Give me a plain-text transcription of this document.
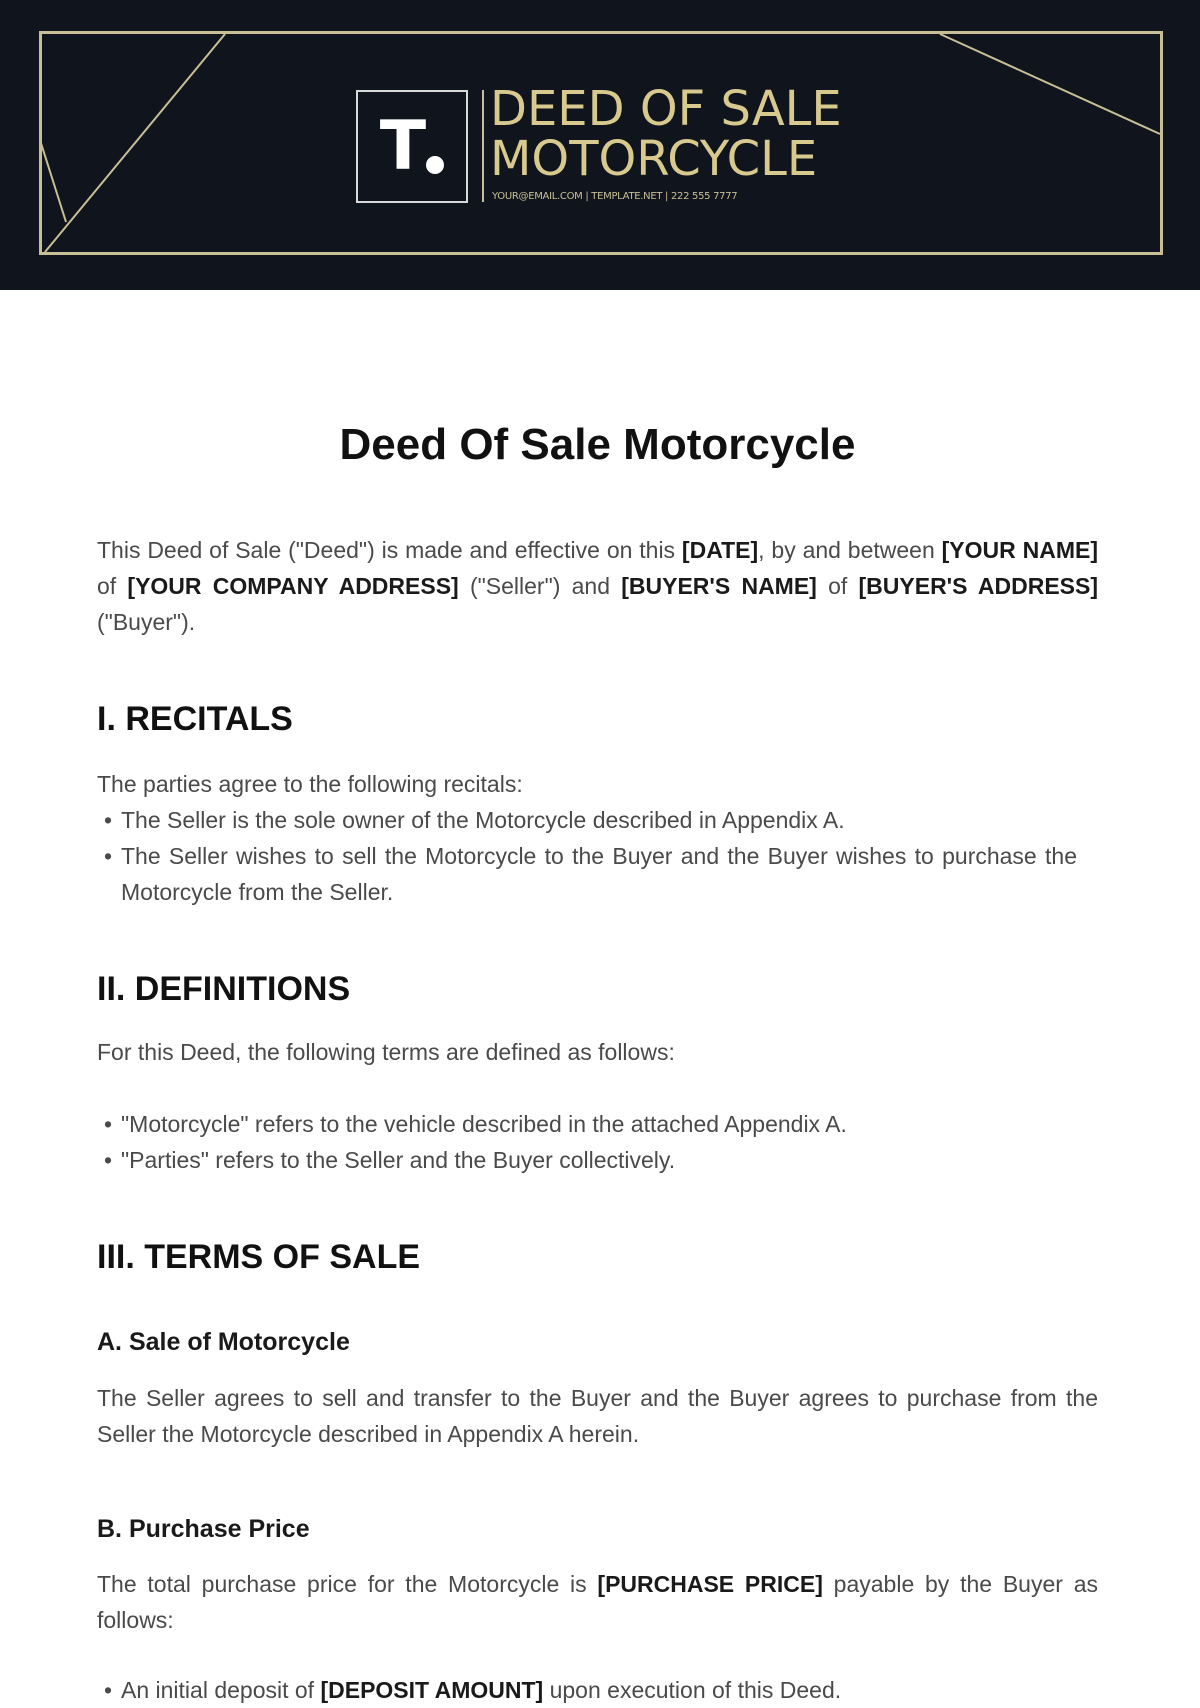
T DEED OF SALE
MOTORCYCLE
YOUR@EMAIL.COM | TEMPLATE.NET | 222 555 7777
Deed Of Sale Motorcycle

This Deed of Sale ("Deed") is made and effective on this [DATE], by and between [YOUR NAME] of [YOUR COMPANY ADDRESS] ("Seller") and [BUYER'S NAME] of [BUYER'S ADDRESS] ("Buyer").

I. RECITALS

The parties agree to the following recitals:

• The Seller is the sole owner of the Motorcycle described in Appendix A.
• The Seller wishes to sell the Motorcycle to the Buyer and the Buyer wishes to purchase the Motorcycle from the Seller.
II. DEFINITIONS

For this Deed, the following terms are defined as follows:

• "Motorcycle" refers to the vehicle described in the attached Appendix A.
• "Parties" refers to the Seller and the Buyer collectively.
III. TERMS OF SALE
A. Sale of Motorcycle

The Seller agrees to sell and transfer to the Buyer and the Buyer agrees to purchase from the Seller the Motorcycle described in Appendix A herein.

B. Purchase Price

The total purchase price for the Motorcycle is [PURCHASE PRICE] payable by the Buyer as follows:

• An initial deposit of [DEPOSIT AMOUNT] upon execution of this Deed.
